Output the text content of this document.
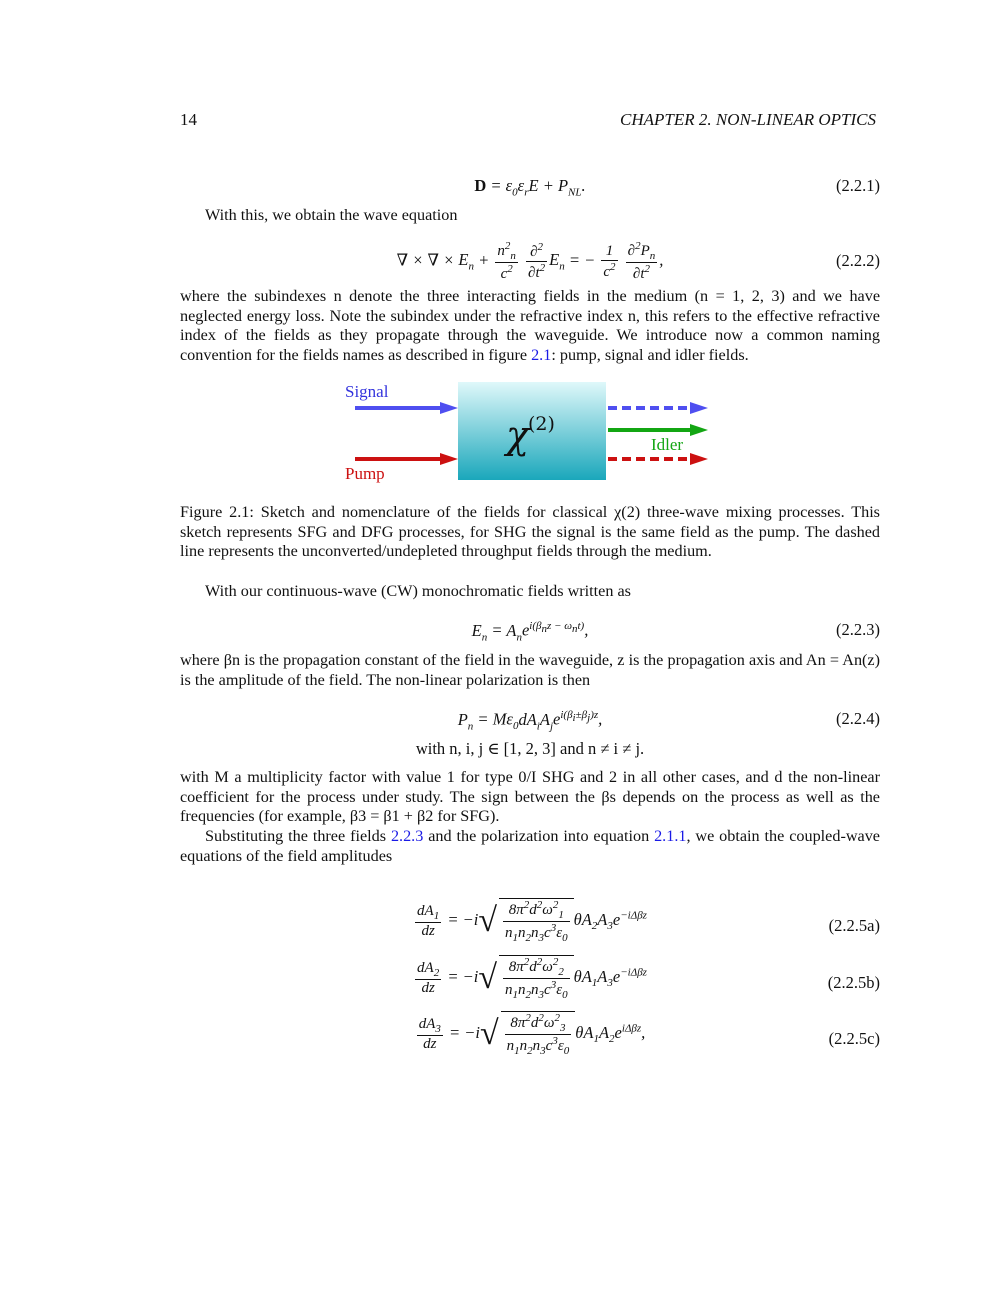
14	CHAPTER 2. NON-LINEAR OPTICS
$D = \varepsilon_0\varepsilon_rE + P_{NL}$.	(2.2.1)
With this, we obtain the wave equation
∇ × ∇ × $E_n + \frac{n^2_n}{c^2}$
$\frac{\partial^2}{\partial t^2} E_n$ = − $\frac{1}{c^2}$
$\frac{\partial^2P_n}{\partial t^2}$ ,	(2.2.2)
where the subindexes n denote the three interacting fields in the medium (n = 1, 2, 3) and we have neglected energy loss. Note the subindex under the refractive index n, this refers to the effective refractive index of the fields as they propagate through the waveguide. We introduce now a common naming convention for the fields names as described in figure 2.1: pump, signal and idler fields.
χ
(2)
Signal
Pump
Idler
Figure 2.1: Sketch and nomenclature of the fields for classical χ(2) three-wave mixing processes. This sketch represents SFG and DFG processes, for SHG the signal is the same field as the pump. The dashed line represents the unconverted/undepleted throughput fields through the medium.
With our continuous-wave (CW) monochromatic fields written as
$E_n = A_ne^{i(\beta_nz - \omega_nt)}$,	(2.2.3)
where βn is the propagation constant of the field in the waveguide, z is the propagation axis and An = An(z) is the amplitude of the field. The non-linear polarization is then
$P_n = M\varepsilon_0dA_iA_je^{i(\beta_i\pm\beta_j)z}$,	(2.2.4)
with n, i, j ∈ [1, 2, 3] and n ≠ i ≠ j.
with M a multiplicity factor with value 1 for type 0/I SHG and 2 in all other cases, and d the non-linear coefficient for the process under study. The sign between the βs depends on the process as well as the frequencies (for example, β3 = β1 + β2 for SFG).
Substituting the three fields 2.2.3 and the polarization into equation 2.1.1, we obtain the coupled-wave equations of the field amplitudes
$\frac{dA_1}{dz} = -i√ \frac{8\pi^2d^2\omega^2_1}{n_1n_2n_3c^3\varepsilon_0} \theta A_2A_3e^{-i\Delta\beta z}$
(2.2.5a)
$\frac{dA_2}{dz} = -i√ \frac{8\pi^2d^2\omega^2_2}{n_1n_2n_3c^3\varepsilon_0} \theta A_1A_3e^{-i\Delta\beta z}$
(2.2.5b)
$\frac{dA_3}{dz} = -i√ \frac{8\pi^2d^2\omega^2_3}{n_1n_2n_3c^3\varepsilon_0} \theta A_1A_2e^{i\Delta\beta z}$,	(2.2.5c)
